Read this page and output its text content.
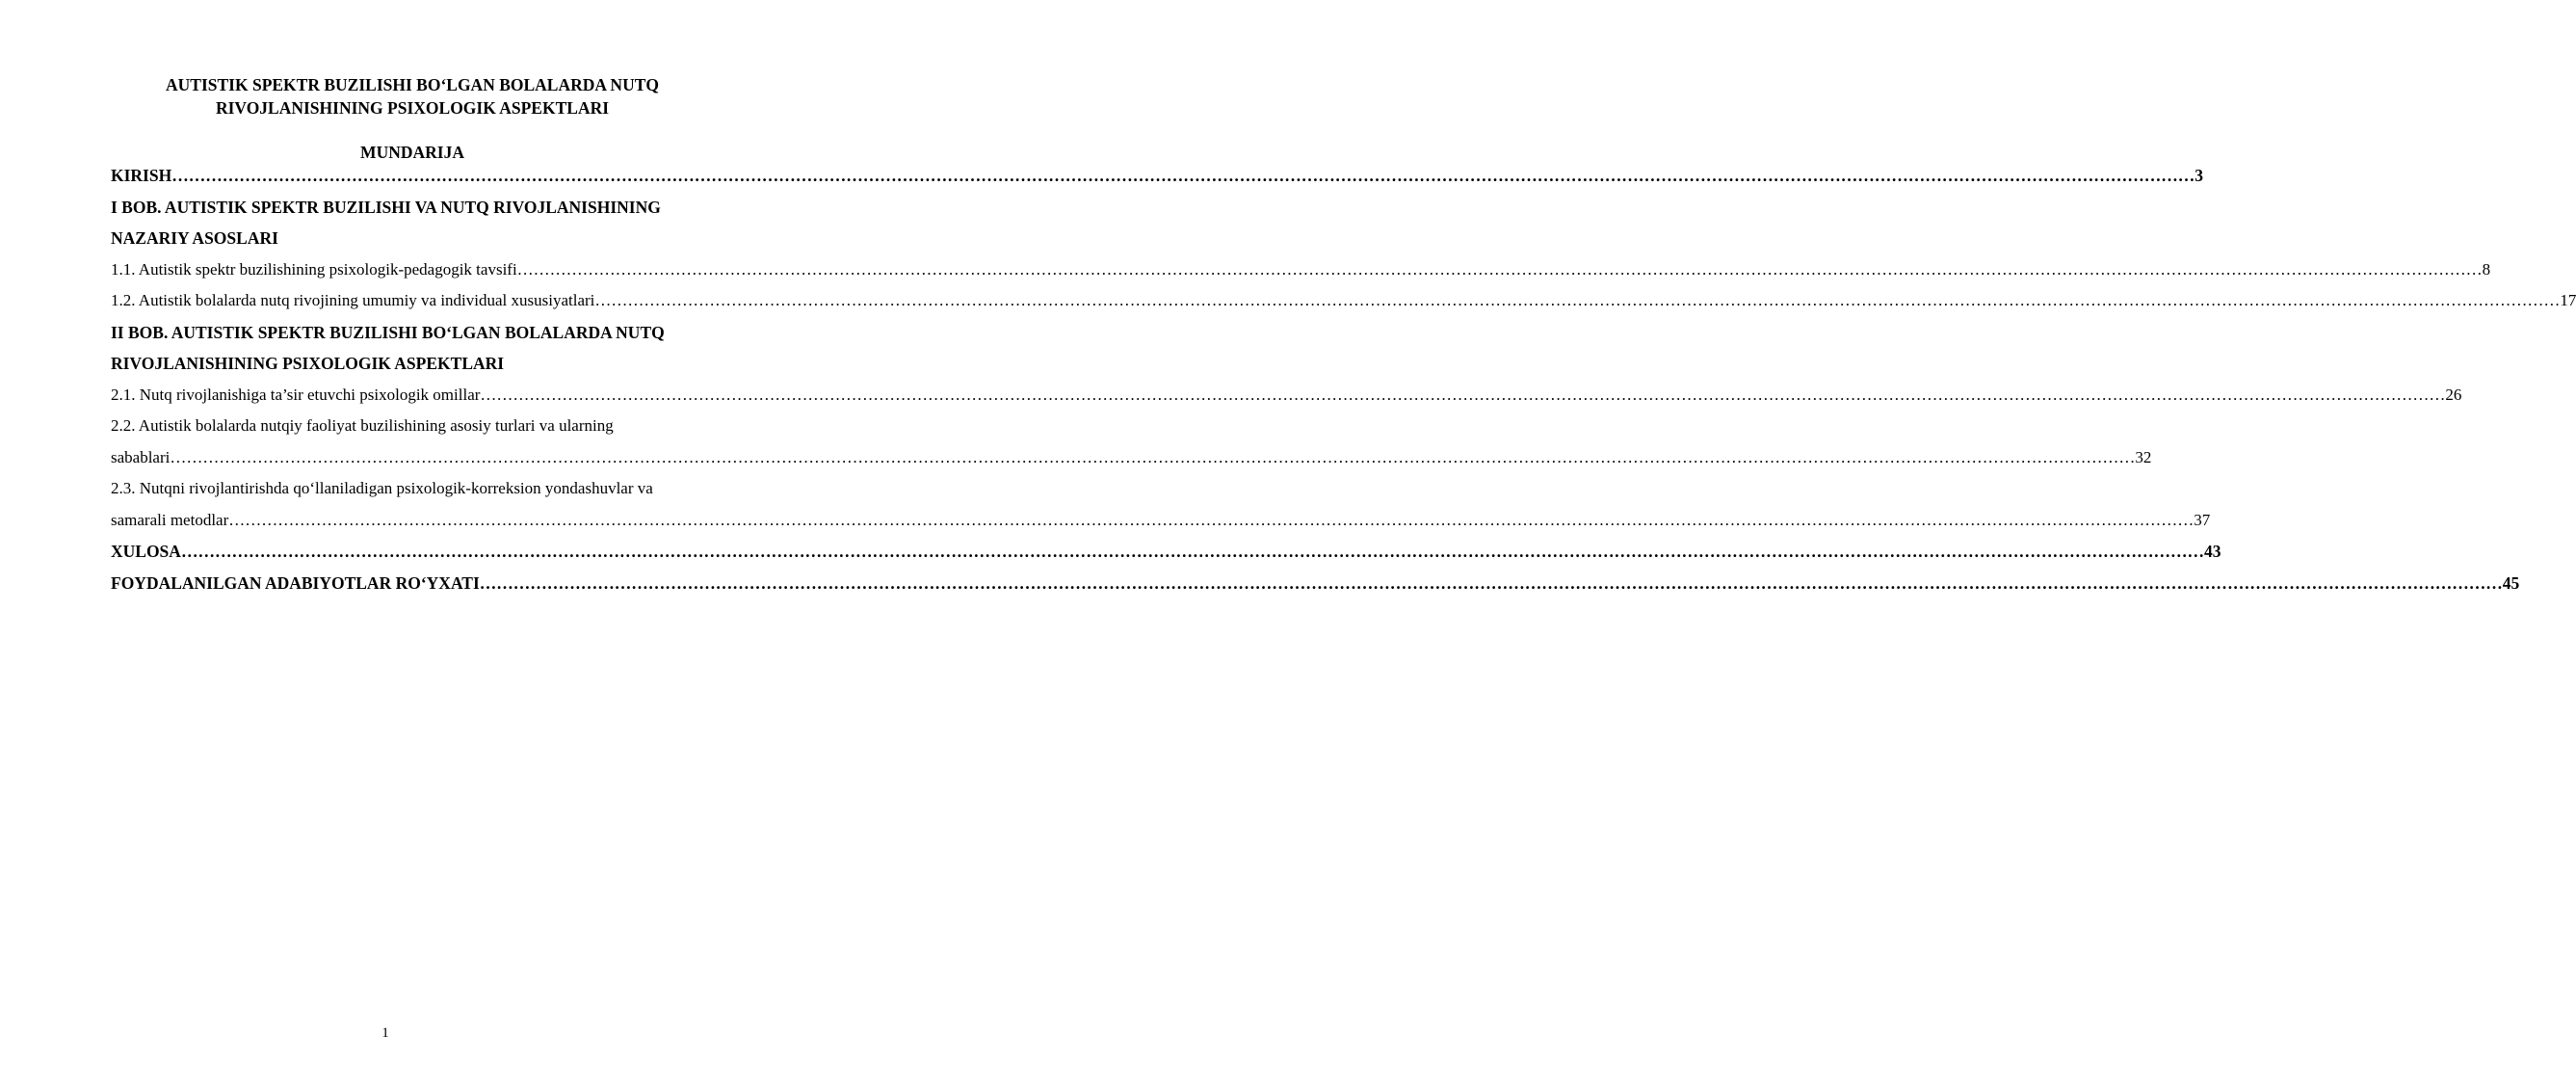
AUTISTIK SPEKTR BUZILISHI BO‘LGAN BOLALARDA NUTQ
RIVOJLANISHINING PSIXOLOGIK ASPEKTLARI
MUNDARIJA
KIRISH ……………………………………………………………………………………………………………………………………………………………………………………………………………………………………………………………………………………………………………………………… 3
I BOB. AUTISTIK SPEKTR BUZILISHI VA NUTQ RIVOJLANISHINING
NAZARIY ASOSLARI
1.1. Autistik spektr buzilishining psixologik-pedagogik tavsifi ……………………………………………………………………………………………………………………………………………………………………………………………………………………………………………………………………………………………………………………………… 8
1.2. Autistik bolalarda nutq rivojining umumiy va individual xususiyatlari ……………………………………………………………………………………………………………………………………………………………………………………………………………………………………………………………………………………………………………………………… 17
II BOB. AUTISTIK SPEKTR BUZILISHI BO‘LGAN BOLALARDA NUTQ
RIVOJLANISHINING PSIXOLOGIK ASPEKTLARI
2.1. Nutq rivojlanishiga ta’sir etuvchi psixologik omillar ……………………………………………………………………………………………………………………………………………………………………………………………………………………………………………………………………………………………………………………………… 26
2.2. Autistik bolalarda nutqiy faoliyat buzilishining asosiy turlari va ularning
sabablari ……………………………………………………………………………………………………………………………………………………………………………………………………………………………………………………………………………………………………………………………… 32
2.3. Nutqni rivojlantirishda qo‘llaniladigan psixologik-korreksion yondashuvlar va
samarali metodlar ……………………………………………………………………………………………………………………………………………………………………………………………………………………………………………………………………………………………………………………………… 37
XULOSA ……………………………………………………………………………………………………………………………………………………………………………………………………………………………………………………………………………………………………………………………… 43
FOYDALANILGAN ADABIYOTLAR RO‘YXATI ……………………………………………………………………………………………………………………………………………………………………………………………………………………………………………………………………………………………………………………………… 45
1
